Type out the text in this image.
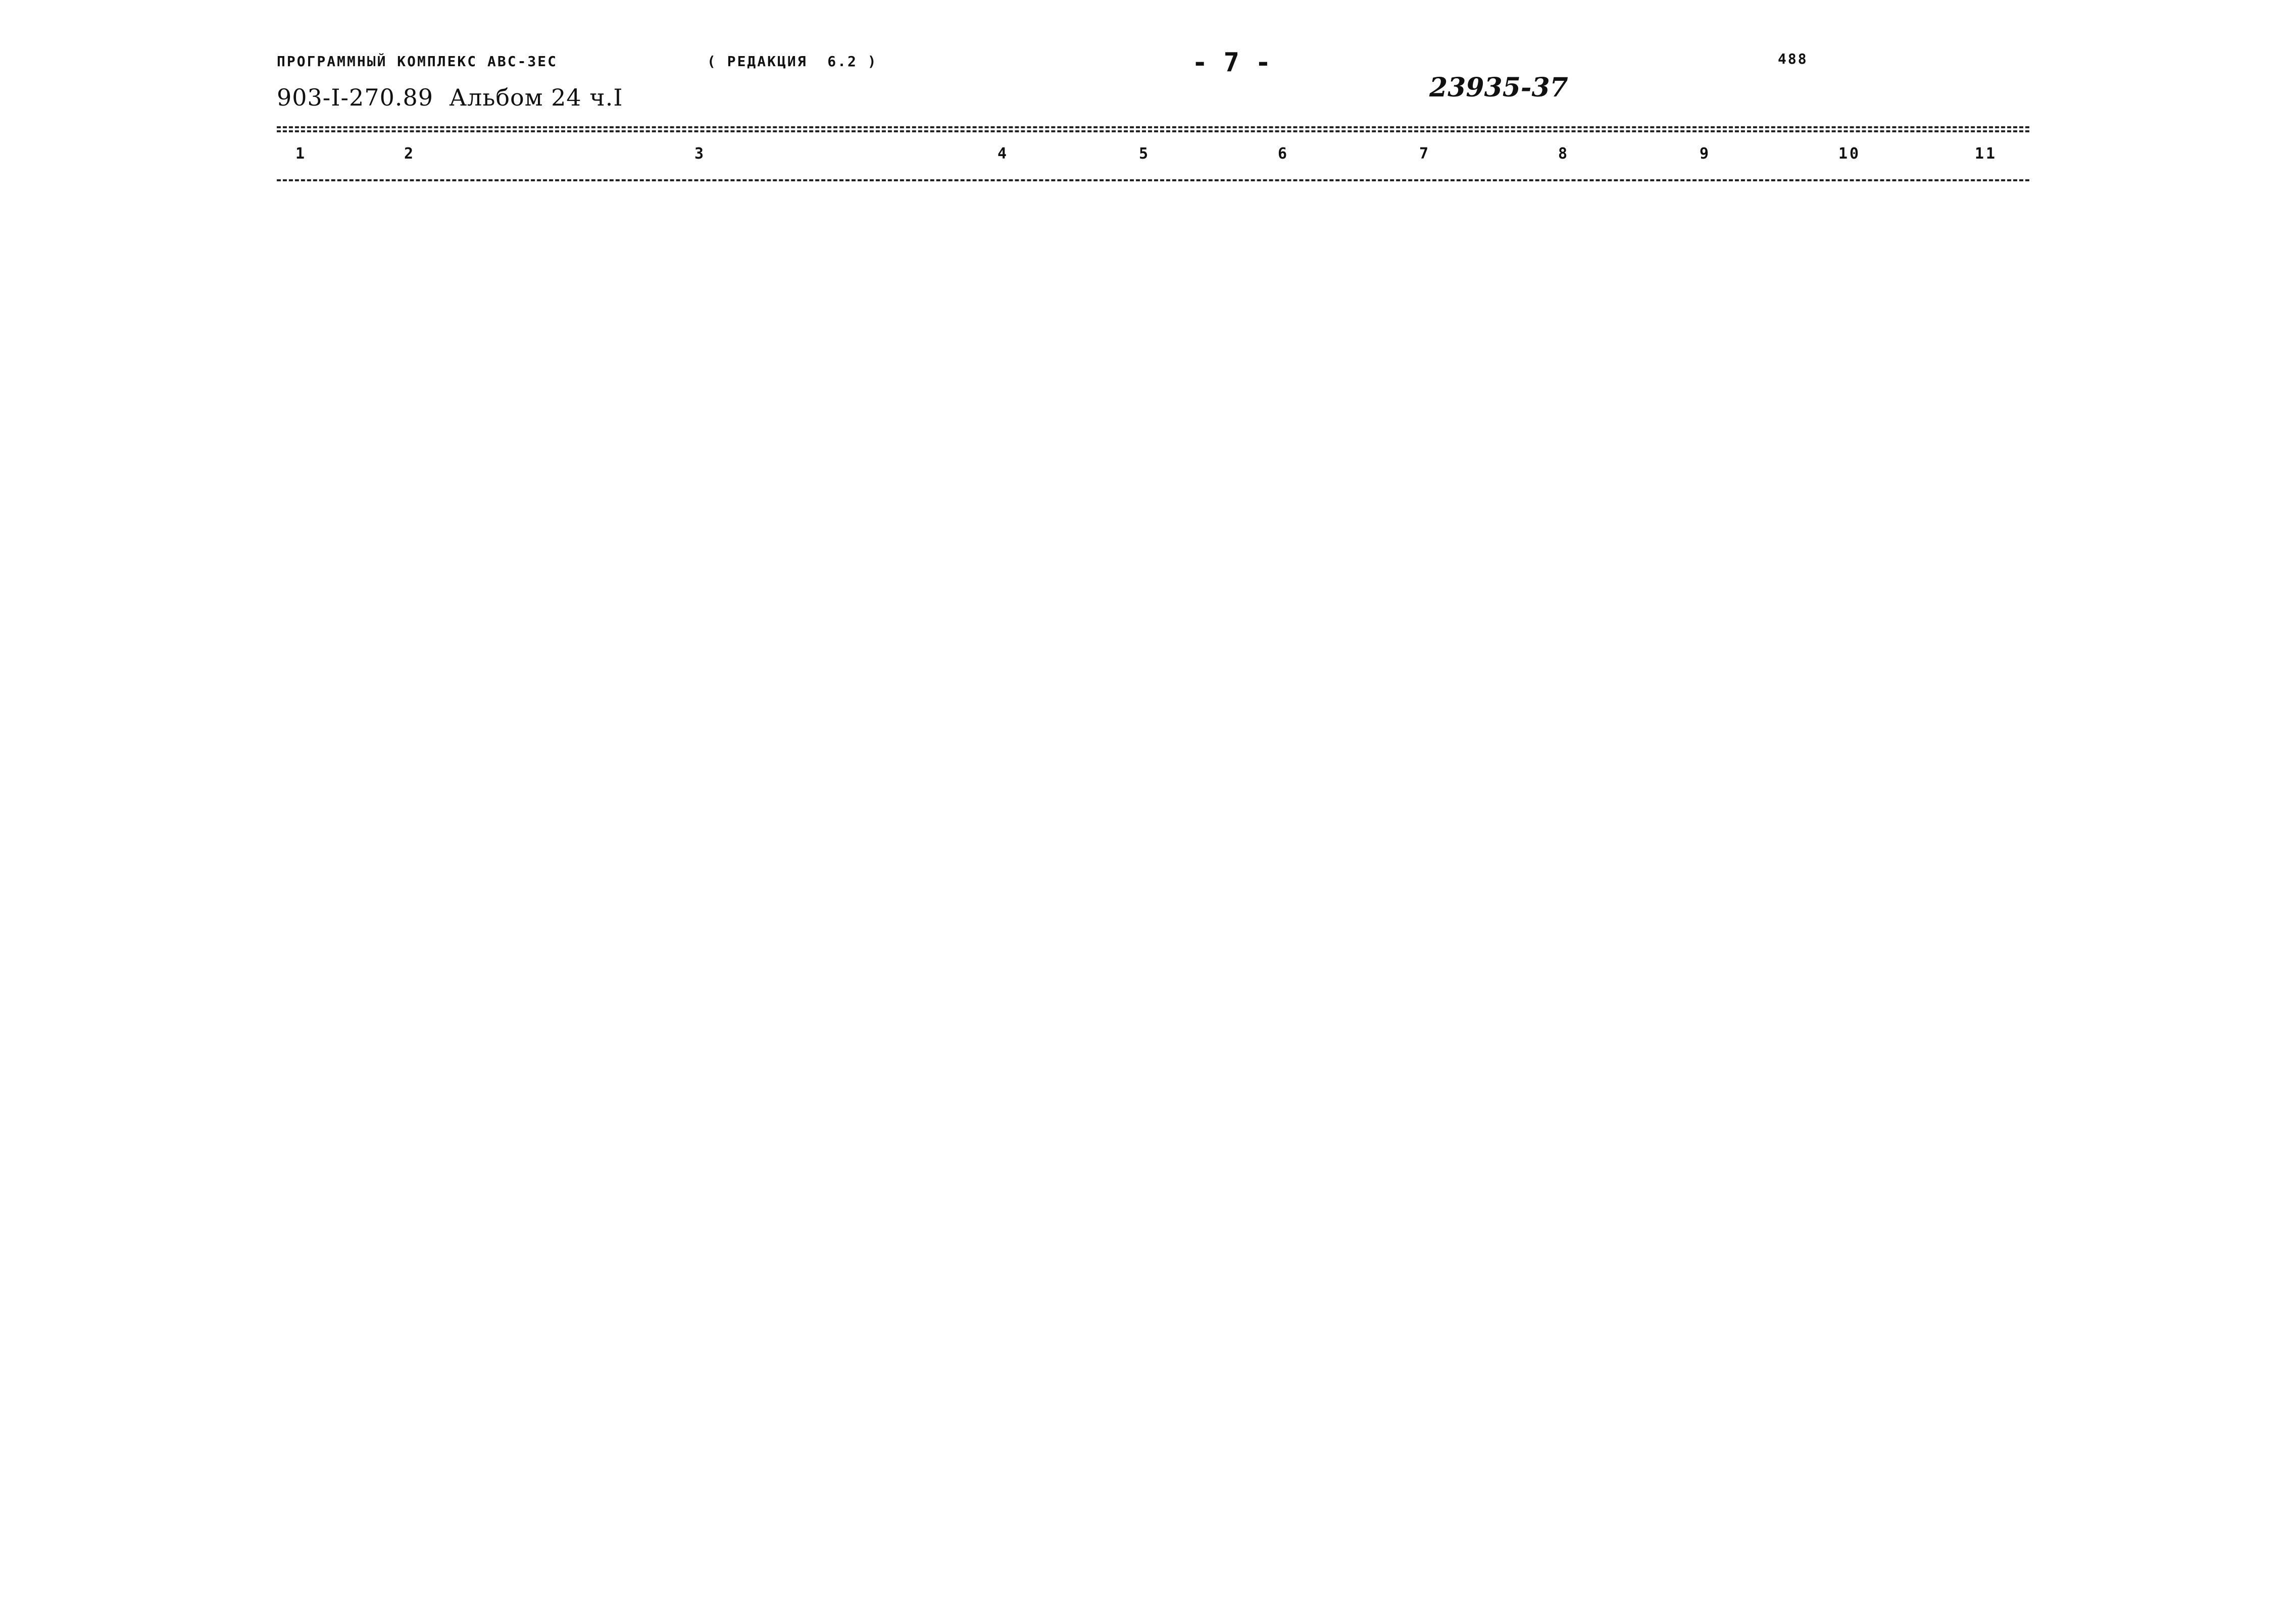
ПРОГРАММНЫЙ КОМПЛЕКС АВС-ЗЕС	( РЕДАКЦИЯ  6.2 )	- 7 -	488
903-I-270.89  Альбом 24 ч.I	23935-37
1	2	3	4	5	6	7	8	9	10	11
